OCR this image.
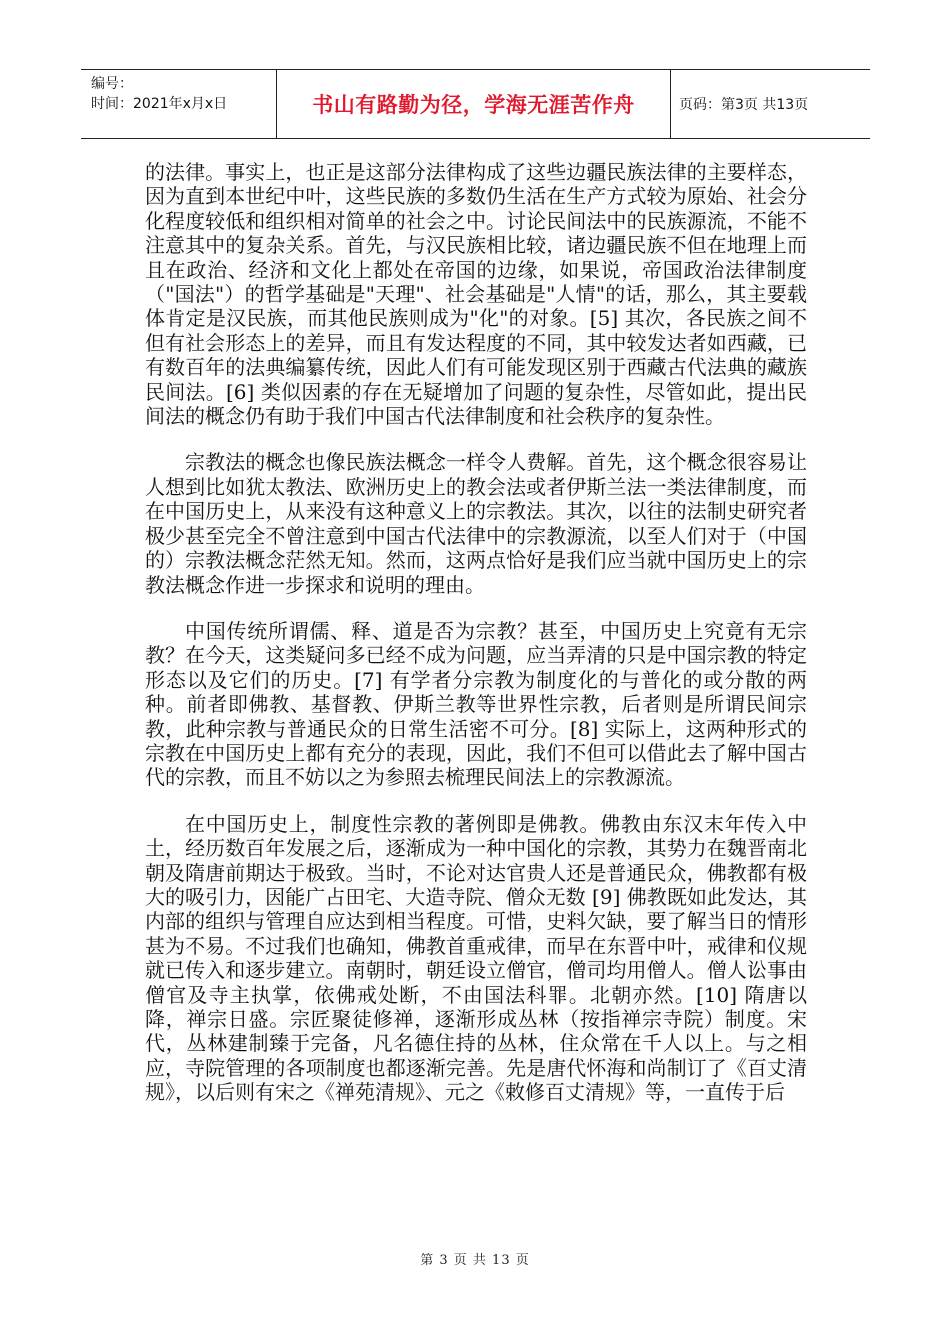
编号：
时间：2021年x月x日	书山有路勤为径，学海无涯苦作舟	页码：第3页 共13页

的法律。事实上，也正是这部分法律构成了这些边疆民族法律的主要样态，因为直到本世纪中叶，这些民族的多数仍生活在生产方式较为原始、社会分化程度较低和组织相对简单的社会之中。讨论民间法中的民族源流，不能不注意其中的复杂关系。首先，与汉民族相比较，诸边疆民族不但在地理上而且在政治、经济和文化上都处在帝国的边缘，如果说，帝国政治法律制度（"国法"）的哲学基础是"天理"、社会基础是"人情"的话，那么，其主要载体肯定是汉民族，而其他民族则成为"化"的对象。[5] 其次，各民族之间不但有社会形态上的差异，而且有发达程度的不同，其中较发达者如西藏，已有数百年的法典编纂传统，因此人们有可能发现区别于西藏古代法典的藏族民间法。[6] 类似因素的存在无疑增加了问题的复杂性，尽管如此，提出民间法的概念仍有助于我们中国古代法律制度和社会秩序的复杂性。

宗教法的概念也像民族法概念一样令人费解。首先，这个概念很容易让人想到比如犹太教法、欧洲历史上的教会法或者伊斯兰法一类法律制度，而在中国历史上，从来没有这种意义上的宗教法。其次，以往的法制史研究者极少甚至完全不曾注意到中国古代法律中的宗教源流，以至人们对于（中国的）宗教法概念茫然无知。然而，这两点恰好是我们应当就中国历史上的宗教法概念作进一步探求和说明的理由。

中国传统所谓儒、释、道是否为宗教？甚至，中国历史上究竟有无宗教？在今天，这类疑问多已经不成为问题，应当弄清的只是中国宗教的特定形态以及它们的历史。[7] 有学者分宗教为制度化的与普化的或分散的两种。前者即佛教、基督教、伊斯兰教等世界性宗教，后者则是所谓民间宗教，此种宗教与普通民众的日常生活密不可分。[8] 实际上，这两种形式的宗教在中国历史上都有充分的表现，因此，我们不但可以借此去了解中国古代的宗教，而且不妨以之为参照去梳理民间法上的宗教源流。

在中国历史上，制度性宗教的著例即是佛教。佛教由东汉末年传入中土，经历数百年发展之后，逐渐成为一种中国化的宗教，其势力在魏晋南北朝及隋唐前期达于极致。当时，不论对达官贵人还是普通民众，佛教都有极大的吸引力，因能广占田宅、大造寺院、僧众无数 [9] 佛教既如此发达，其内部的组织与管理自应达到相当程度。可惜，史料欠缺，要了解当日的情形甚为不易。不过我们也确知，佛教首重戒律，而早在东晋中叶，戒律和仪规就已传入和逐步建立。南朝时，朝廷设立僧官，僧司均用僧人。僧人讼事由僧官及寺主执掌，依佛戒处断，不由国法科罪。北朝亦然。[10] 隋唐以降，禅宗日盛。宗匠聚徒修禅，逐渐形成丛林（按指禅宗寺院）制度。宋代，丛林建制臻于完备，凡名德住持的丛林，住众常在千人以上。与之相应，寺院管理的各项制度也都逐渐完善。先是唐代怀海和尚制订了《百丈清规》，以后则有宋之《禅苑清规》、元之《敕修百丈清规》等，一直传于后

第 3 页 共 13 页
